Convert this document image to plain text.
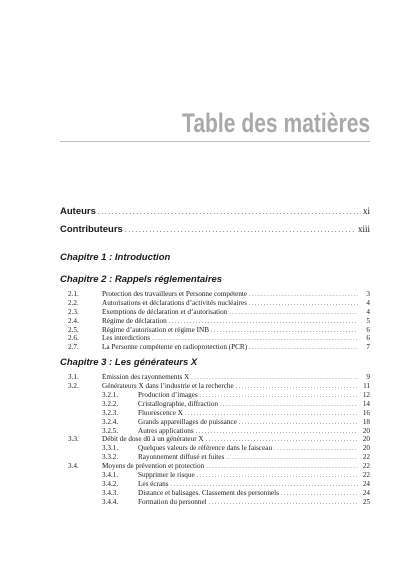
Table des matières
Auteurs . . .	xi
Contributeurs . . .	xiii
Chapitre 1 : Introduction
Chapitre 2 : Rappels réglementaires
2.1.	Protection des travailleurs et Personne compétente . . .	3
2.2.	Autorisations et déclarations d’activités nucléaires . . .	4
2.3.	Exemptions de déclaration et d’autorisation . . .	4
2.4.	Régime de déclaration . . .	5
2.5.	Régime d’autorisation et régime INB . . .	6
2.6.	Les interdictions . . .	6
2.7.	La Personne compétente en radioprotection (PCR) . . .	7
Chapitre 3 : Les générateurs X
3.1.	Émission des rayonnements X . . .	9
3.2.	Générateurs X dans l’industrie et la recherche . . .	11
3.2.1.	Production d’images . . .	12
3.2.2.	Cristallographie, diffraction . . .	14
3.2.3.	Fluorescence X . . .	16
3.2.4.	Grands appareillages de puissance . . .	18
3.2.5.	Autres applications . . .	20
3.3.	Débit de dose dû à un générateur X . . .	20
3.3.1.	Quelques valeurs de référence dans le faisceau . . .	20
3.3.2.	Rayonnement diffusé et fuites . . .	22
3.4.	Moyens de prévention et protection . . .	22
3.4.1.	Supprimer le risque . . .	22
3.4.2.	Les écrans . . .	24
3.4.3.	Distance et balisages. Classement des personnels . . .	24
3.4.4.	Formation du personnel . . .	25
